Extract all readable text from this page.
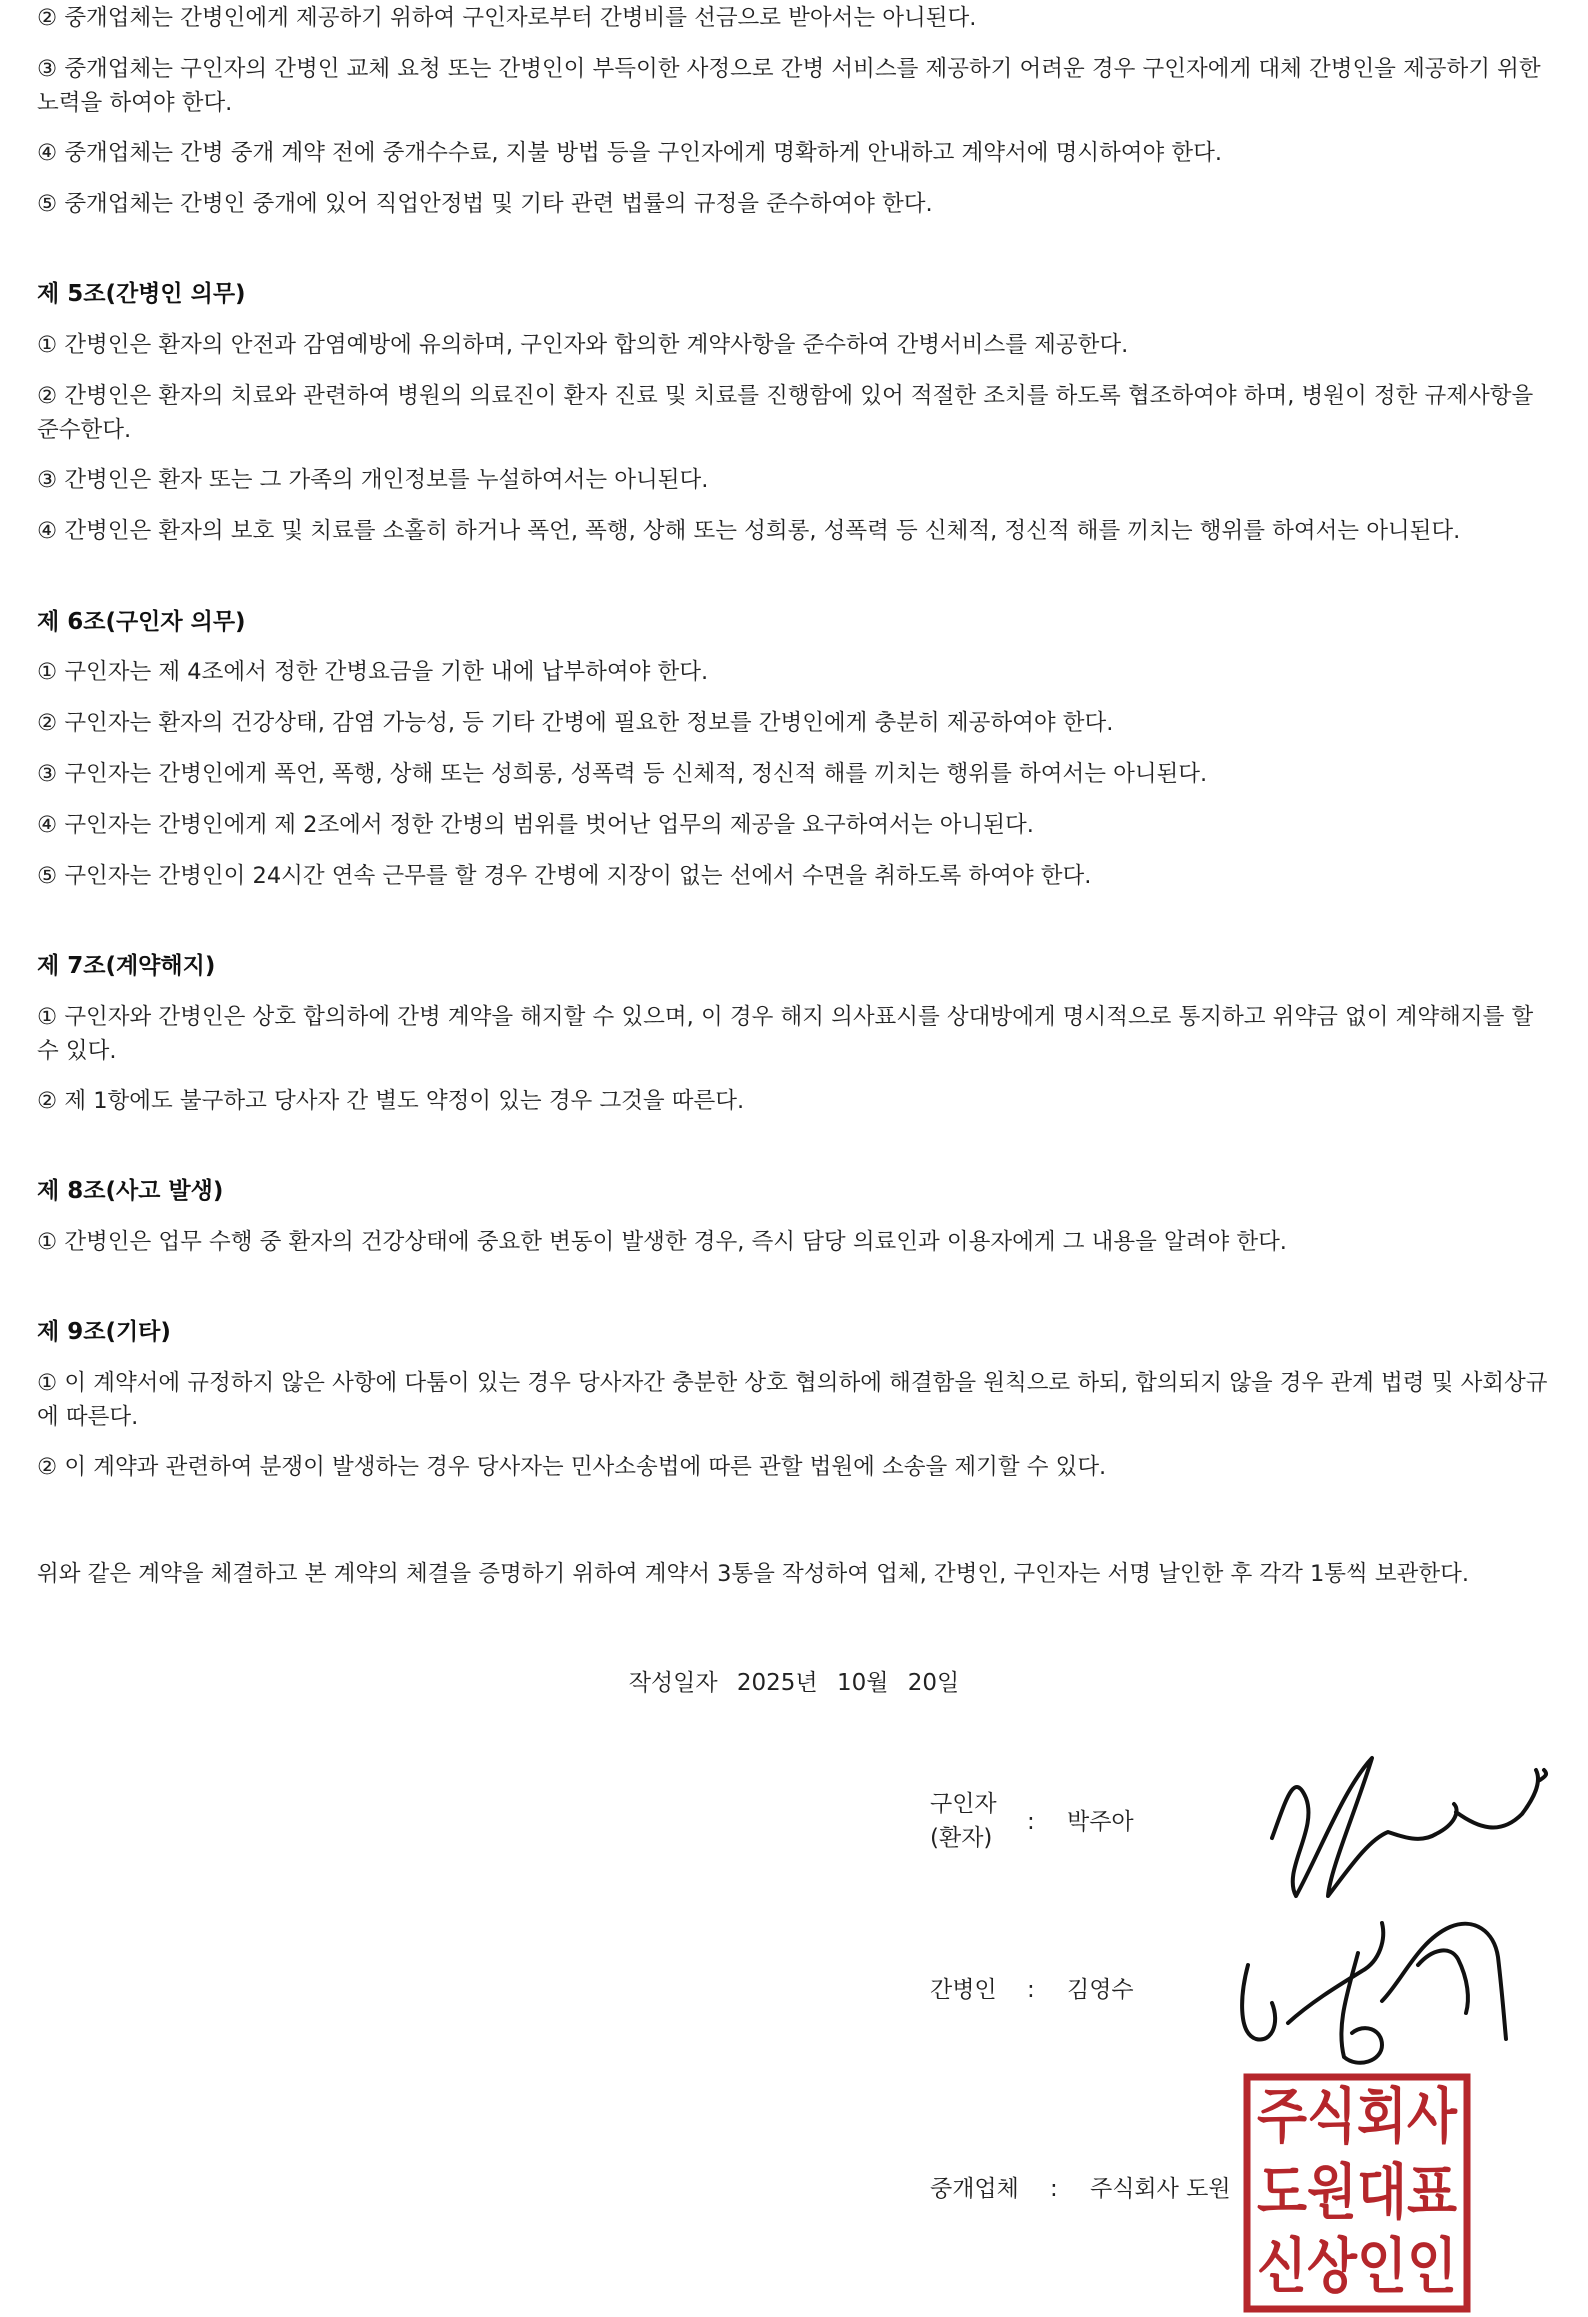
② 중개업체는 간병인에게 제공하기 위하여 구인자로부터 간병비를 선금으로 받아서는 아니된다.

③ 중개업체는 구인자의 간병인 교체 요청 또는 간병인이 부득이한 사정으로 간병 서비스를 제공하기 어려운 경우 구인자에게 대체 간병인을 제공하기 위한 노력을 하여야 한다.

④ 중개업체는 간병 중개 계약 전에 중개수수료, 지불 방법 등을 구인자에게 명확하게 안내하고 계약서에 명시하여야 한다.

⑤ 중개업체는 간병인 중개에 있어 직업안정법 및 기타 관련 법률의 규정을 준수하여야 한다.

제 5조(간병인 의무)

① 간병인은 환자의 안전과 감염예방에 유의하며, 구인자와 합의한 계약사항을 준수하여 간병서비스를 제공한다.

② 간병인은 환자의 치료와 관련하여 병원의 의료진이 환자 진료 및 치료를 진행함에 있어 적절한 조치를 하도록 협조하여야 하며, 병원이 정한 규제사항을 준수한다.

③ 간병인은 환자 또는 그 가족의 개인정보를 누설하여서는 아니된다.

④ 간병인은 환자의 보호 및 치료를 소홀히 하거나 폭언, 폭행, 상해 또는 성희롱, 성폭력 등 신체적, 정신적 해를 끼치는 행위를 하여서는 아니된다.

제 6조(구인자 의무)

① 구인자는 제 4조에서 정한 간병요금을 기한 내에 납부하여야 한다.

② 구인자는 환자의 건강상태, 감염 가능성, 등 기타 간병에 필요한 정보를 간병인에게 충분히 제공하여야 한다.

③ 구인자는 간병인에게 폭언, 폭행, 상해 또는 성희롱, 성폭력 등 신체적, 정신적 해를 끼치는 행위를 하여서는 아니된다.

④ 구인자는 간병인에게 제 2조에서 정한 간병의 범위를 벗어난 업무의 제공을 요구하여서는 아니된다.

⑤ 구인자는 간병인이 24시간 연속 근무를 할 경우 간병에 지장이 없는 선에서 수면을 취하도록 하여야 한다.

제 7조(계약해지)

① 구인자와 간병인은 상호 합의하에 간병 계약을 해지할 수 있으며, 이 경우 해지 의사표시를 상대방에게 명시적으로 통지하고 위약금 없이 계약해지를 할 수 있다.

② 제 1항에도 불구하고 당사자 간 별도 약정이 있는 경우 그것을 따른다.

제 8조(사고 발생)

① 간병인은 업무 수행 중 환자의 건강상태에 중요한 변동이 발생한 경우, 즉시 담당 의료인과 이용자에게 그 내용을 알려야 한다.

제 9조(기타)

① 이 계약서에 규정하지 않은 사항에 다툼이 있는 경우 당사자간 충분한 상호 협의하에 해결함을 원칙으로 하되, 합의되지 않을 경우 관계 법령 및 사회상규에 따른다.

② 이 계약과 관련하여 분쟁이 발생하는 경우 당사자는 민사소송법에 따른 관할 법원에 소송을 제기할 수 있다.

위와 같은 계약을 체결하고 본 계약의 체결을 증명하기 위하여 계약서 3통을 작성하여 업체, 간병인, 구인자는 서명 날인한 후 각각 1통씩 보관한다.

작성일자 2025년 10월 20일
구인자
(환자)
: 박주아
간병인 : 김영수
중개업체 : 주식회사 도원
주식회사
도원대표
신상인인
